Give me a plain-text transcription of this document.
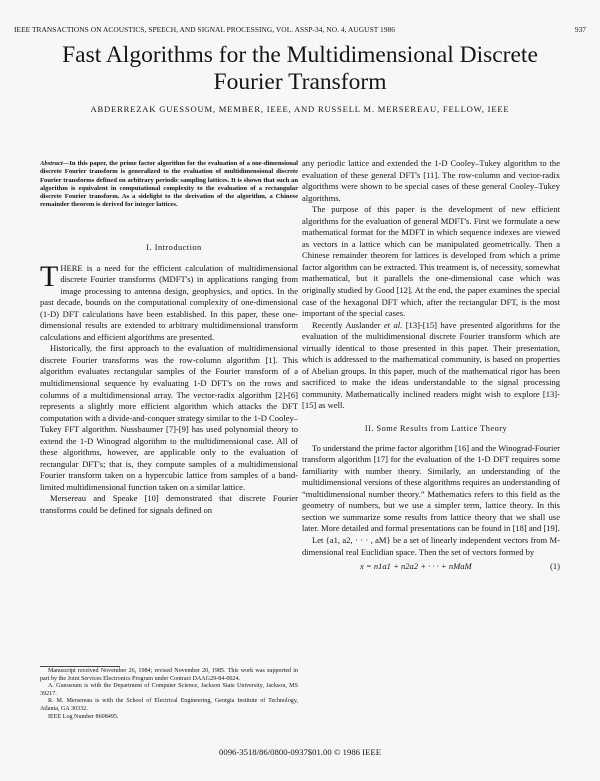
IEEE TRANSACTIONS ON ACOUSTICS, SPEECH, AND SIGNAL PROCESSING, VOL. ASSP-34, NO. 4, AUGUST 1986	937
Fast Algorithms for the Multidimensional Discrete
Fourier Transform
ABDERREZAK GUESSOUM, MEMBER, IEEE, AND RUSSELL M. MERSEREAU, FELLOW, IEEE
Abstract—In this paper, the prime factor algorithm for the evaluation of a one-dimensional discrete Fourier transform is generalized to the evaluation of multidimensional discrete Fourier transforms defined on arbitrary periodic sampling lattices. It is shown that such an algorithm is equivalent in computational complexity to the evaluation of a rectangular discrete Fourier transform. As a sidelight to the derivation of the algorithm, a Chinese remainder theorem is derived for integer lattices.

I. Introduction

THERE is a need for the efficient calculation of multidimensional discrete Fourier transforms (MDFT's) in applications ranging from image processing to antenna design, geophysics, and optics. In the past decade, bounds on the computational complexity of one-dimensional (1-D) DFT calculations have been established. In this paper, these one-dimensional results are extended to arbitrary multidimensional transform calculations and efficient algorithms are presented.

Historically, the first approach to the evaluation of multidimensional discrete Fourier transforms was the row-column algorithm [1]. This algorithm evaluates rectangular samples of the Fourier transform of a multidimensional sequence by evaluating 1-D DFT's on the rows and columns of a multidimensional array. The vector-radix algorithm [2]-[6] represents a slightly more efficient algorithm which attacks the DFT computation with a divide-and-conquer strategy similar to the 1-D Cooley–Tukey FFT algorithm. Nussbaumer [7]-[9] has used polynomial theory to extend the 1-D Winograd algorithm to the multidimensional case. All of these algorithms, however, are applicable only to the evaluation of rectangular DFT's; that is, they compute samples of a multidimensional Fourier transform taken on a hypercubic lattice from samples of a band-limited multidimensional function taken on a similar lattice.

Mersereau and Speake [10] demonstrated that discrete Fourier transforms could be defined for signals defined on

Manuscript received November 26, 1984; revised November 20, 1985. This work was supported in part by the Joint Services Electronics Program under Contract DAAG29-84-0024.

A. Guessoum is with the Department of Computer Science, Jackson State University, Jackson, MS 39217.

R. M. Mersereau is with the School of Electrical Engineering, Georgia Institute of Technology, Atlanta, GA 30332.

IEEE Log Number 8608495.

any periodic lattice and extended the 1-D Cooley–Tukey algorithm to the evaluation of these general DFT's [11]. The row-column and vector-radix algorithms were shown to be special cases of these general Cooley–Tukey algorithms.

The purpose of this paper is the development of new efficient algorithms for the evaluation of general MDFT's. First we formulate a new mathematical format for the MDFT in which sequence indexes are viewed as vectors in a lattice which can be manipulated geometrically. Then a Chinese remainder theorem for lattices is developed from which a prime factor algorithm can be extracted. This treatment is, of necessity, somewhat mathematical, but it parallels the one-dimensional case which was originally studied by Good [12]. At the end, the paper examines the special case of the hexagonal DFT which, after the rectangular DFT, is the most important of the special cases.

Recently Auslander et al. [13]-[15] have presented algorithms for the evaluation of the multidimensional discrete Fourier transform which are virtually identical to those presented in this paper. Their presentation, which is addressed to the mathematical community, is based on properties of Abelian groups. In this paper, much of the mathematical rigor has been sacrificed to make the ideas understandable to the signal processing community. Mathematically inclined readers might wish to explore [13]-[15] as well.

II. Some Results from Lattice Theory

To understand the prime factor algorithm [16] and the Winograd-Fourier transform algorithm [17] for the evaluation of the 1-D DFT requires some familiarity with number theory. Similarly, an understanding of the multidimensional versions of these algorithms requires an understanding of “multidimensional number theory.” Mathematics refers to this field as the geometry of numbers, but we use a simpler term, lattice theory. In this section we summarize some results from lattice theory that we shall use later. More detailed and formal presentations can be found in [18] and [19].

Let {a1, a2, · · · , aM} be a set of linearly independent vectors from M-dimensional real Euclidian space. Then the set of vectors formed by

x = n1a1 + n2a2 + · · · + nMaM	(1)
0096-3518/86/0800-0937$01.00 © 1986 IEEE
